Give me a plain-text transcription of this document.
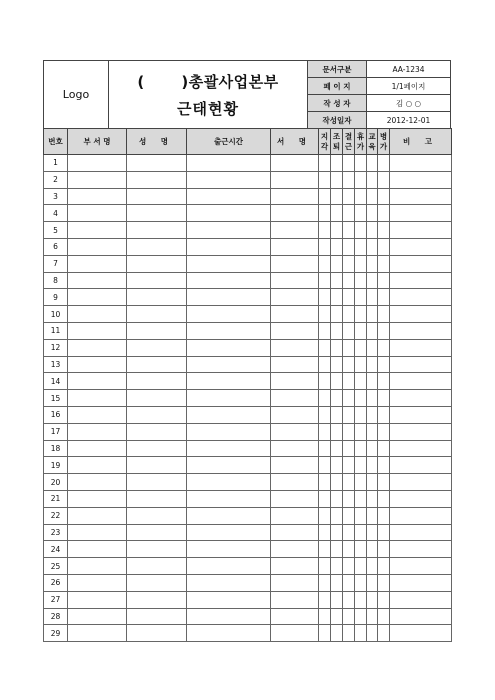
Logo	( )총괄사업본부
근태현황	문서구분	AA-1234
		페 이 지	1/1페이지
		작 성 자	김 ○ ○
		작성일자	2012-12-01
번호	부 서 명	성 명	출근시간	서 명	지각	조퇴	결근	휴가	교육	병가	비 고
1											
2											
3											
4											
5											
6											
7											
8											
9											
10											
11											
12											
13											
14											
15											
16											
17											
18											
19											
20											
21											
22											
23											
24											
25											
26											
27											
28											
29											
